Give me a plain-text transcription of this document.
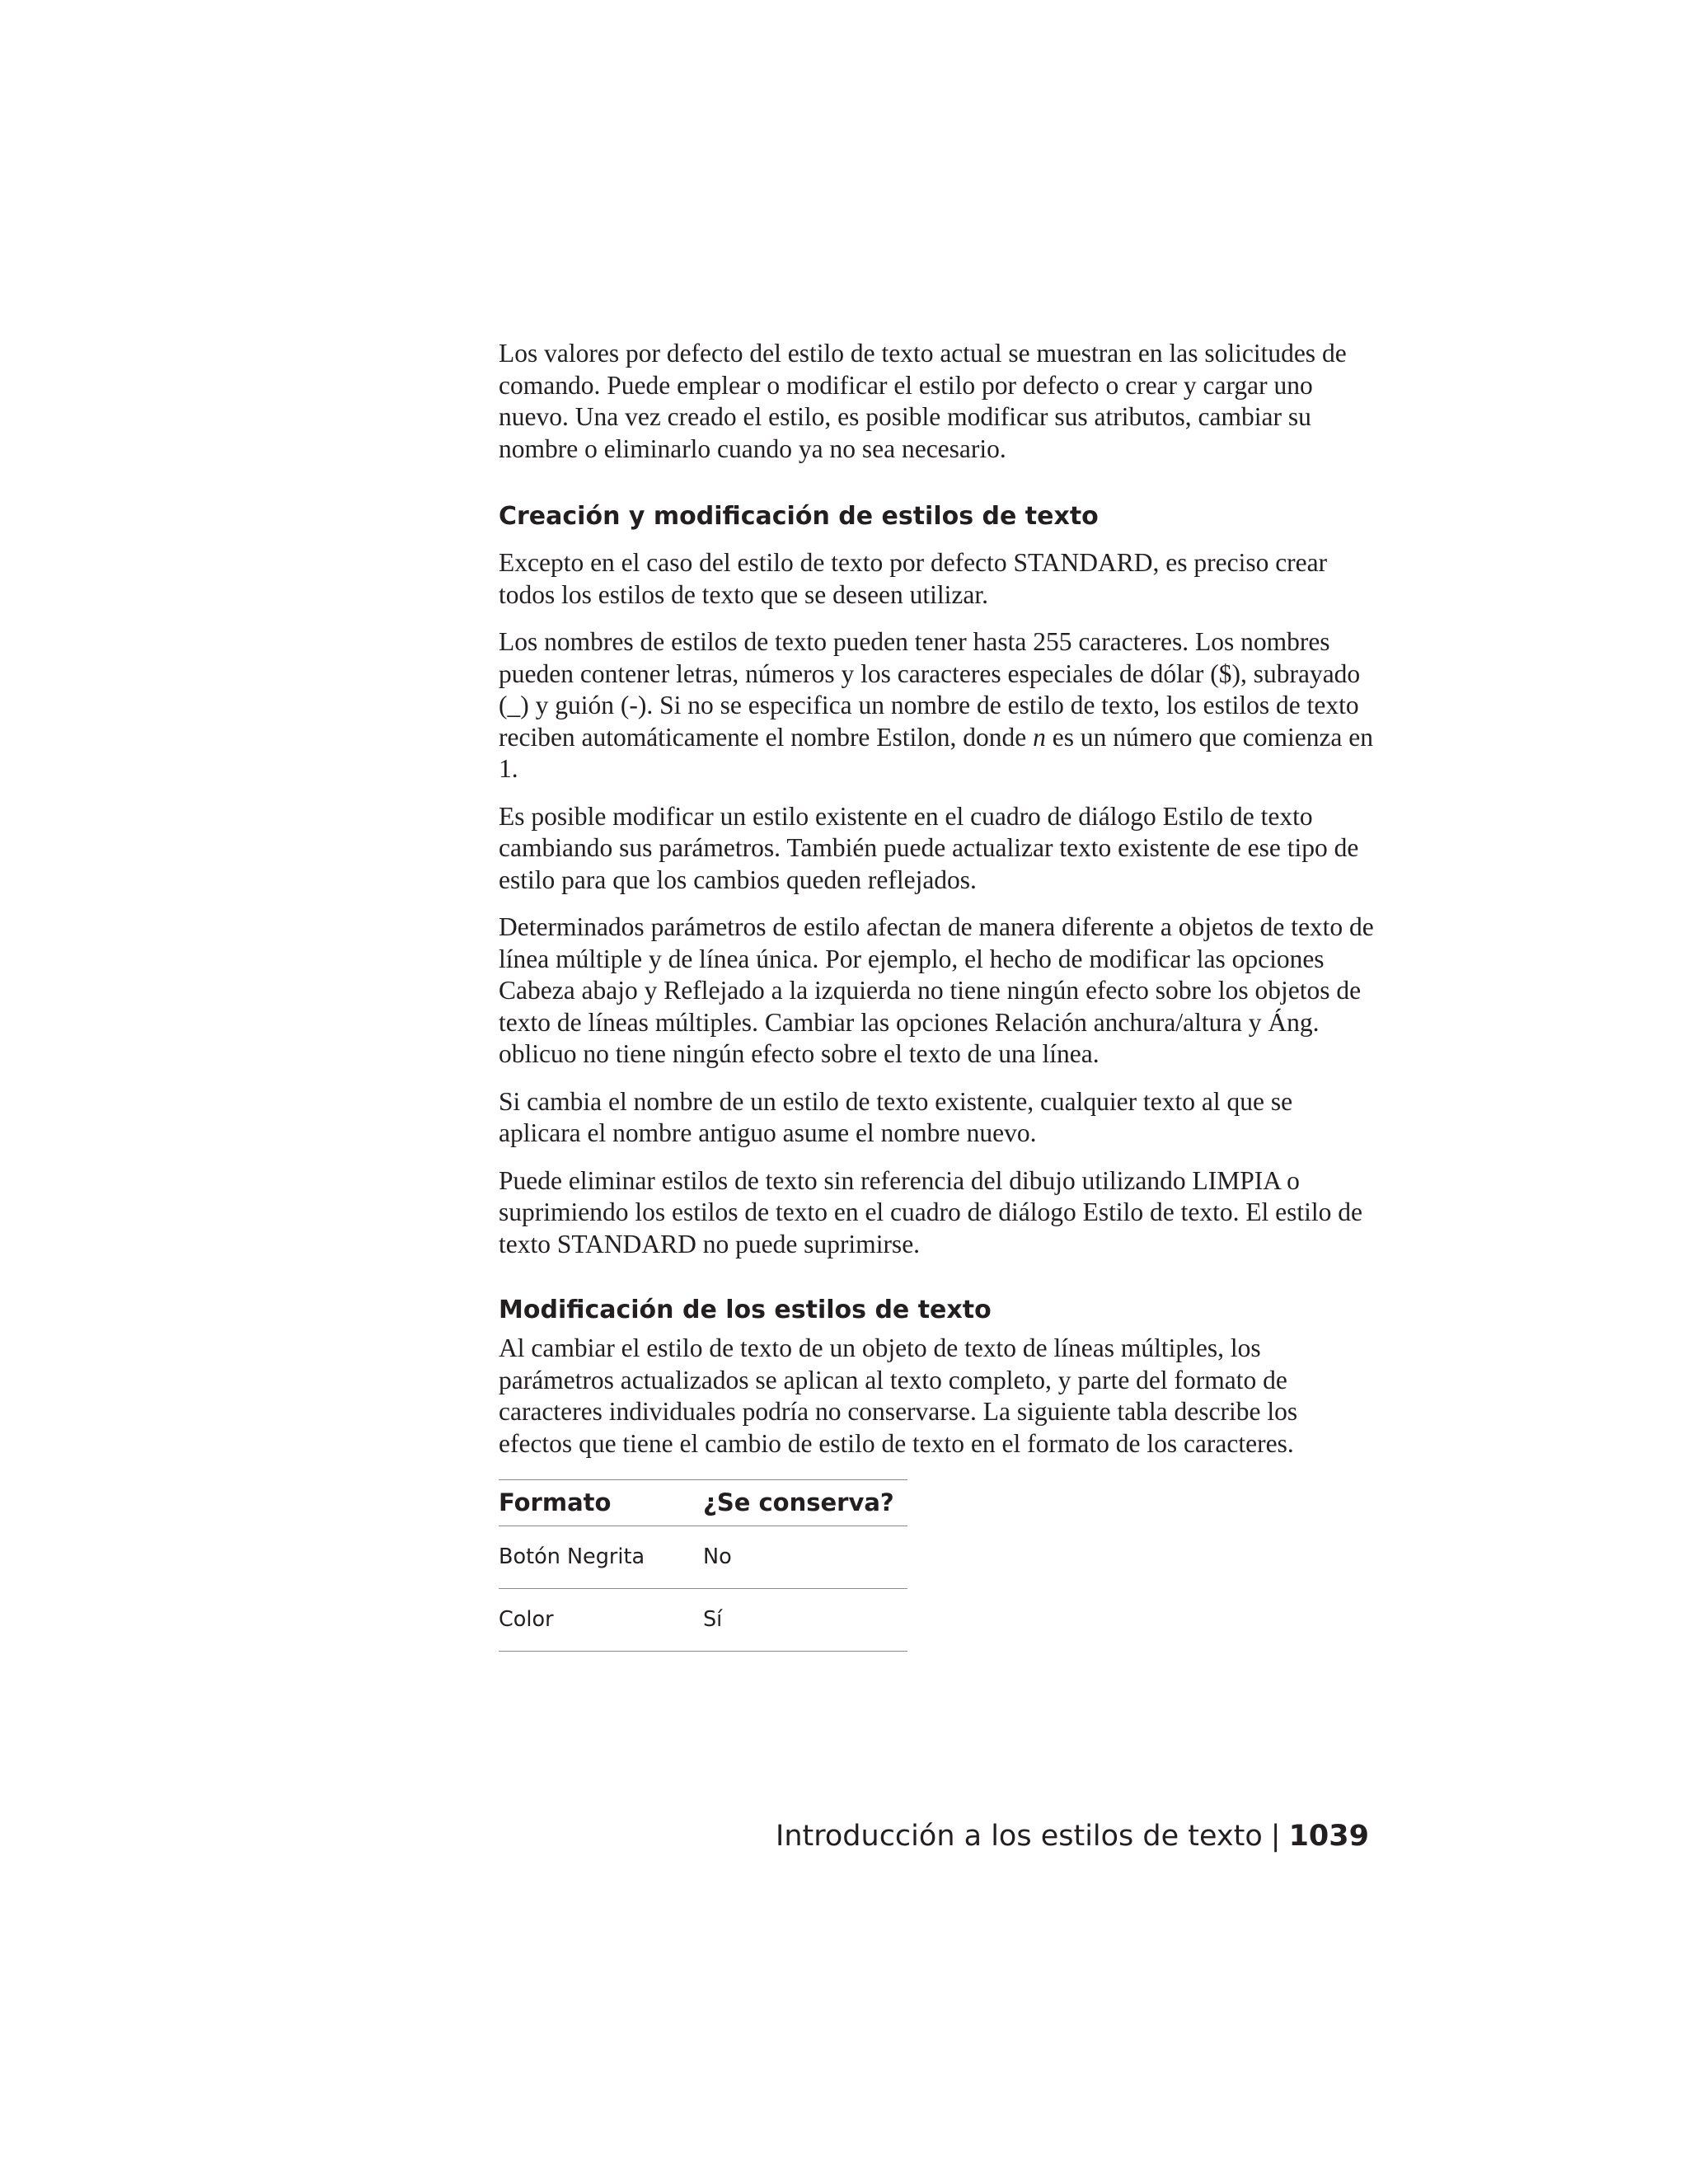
Los valores por defecto del estilo de texto actual se muestran en las solicitudes de comando. Puede emplear o modificar el estilo por defecto o crear y cargar uno nuevo. Una vez creado el estilo, es posible modificar sus atributos, cambiar su nombre o eliminarlo cuando ya no sea necesario.

Creación y modificación de estilos de texto

Excepto en el caso del estilo de texto por defecto STANDARD, es preciso crear todos los estilos de texto que se deseen utilizar.

Los nombres de estilos de texto pueden tener hasta 255 caracteres. Los nombres pueden contener letras, números y los caracteres especiales de dólar ($), subrayado (_) y guión (-). Si no se especifica un nombre de estilo de texto, los estilos de texto reciben automáticamente el nombre Estilon, donde n es un número que comienza en 1.

Es posible modificar un estilo existente en el cuadro de diálogo Estilo de texto cambiando sus parámetros. También puede actualizar texto existente de ese tipo de estilo para que los cambios queden reflejados.

Determinados parámetros de estilo afectan de manera diferente a objetos de texto de línea múltiple y de línea única. Por ejemplo, el hecho de modificar las opciones Cabeza abajo y Reflejado a la izquierda no tiene ningún efecto sobre los objetos de texto de líneas múltiples. Cambiar las opciones Relación anchura/altura y Áng. oblicuo no tiene ningún efecto sobre el texto de una línea.

Si cambia el nombre de un estilo de texto existente, cualquier texto al que se aplicara el nombre antiguo asume el nombre nuevo.

Puede eliminar estilos de texto sin referencia del dibujo utilizando LIMPIA o suprimiendo los estilos de texto en el cuadro de diálogo Estilo de texto. El estilo de texto STANDARD no puede suprimirse.

Modificación de los estilos de texto

Al cambiar el estilo de texto de un objeto de texto de líneas múltiples, los parámetros actualizados se aplican al texto completo, y parte del formato de caracteres individuales podría no conservarse. La siguiente tabla describe los efectos que tiene el cambio de estilo de texto en el formato de los caracteres.

Formato	¿Se conserva?
Botón Negrita	No
Color	Sí
Introducción a los estilos de texto | 1039
